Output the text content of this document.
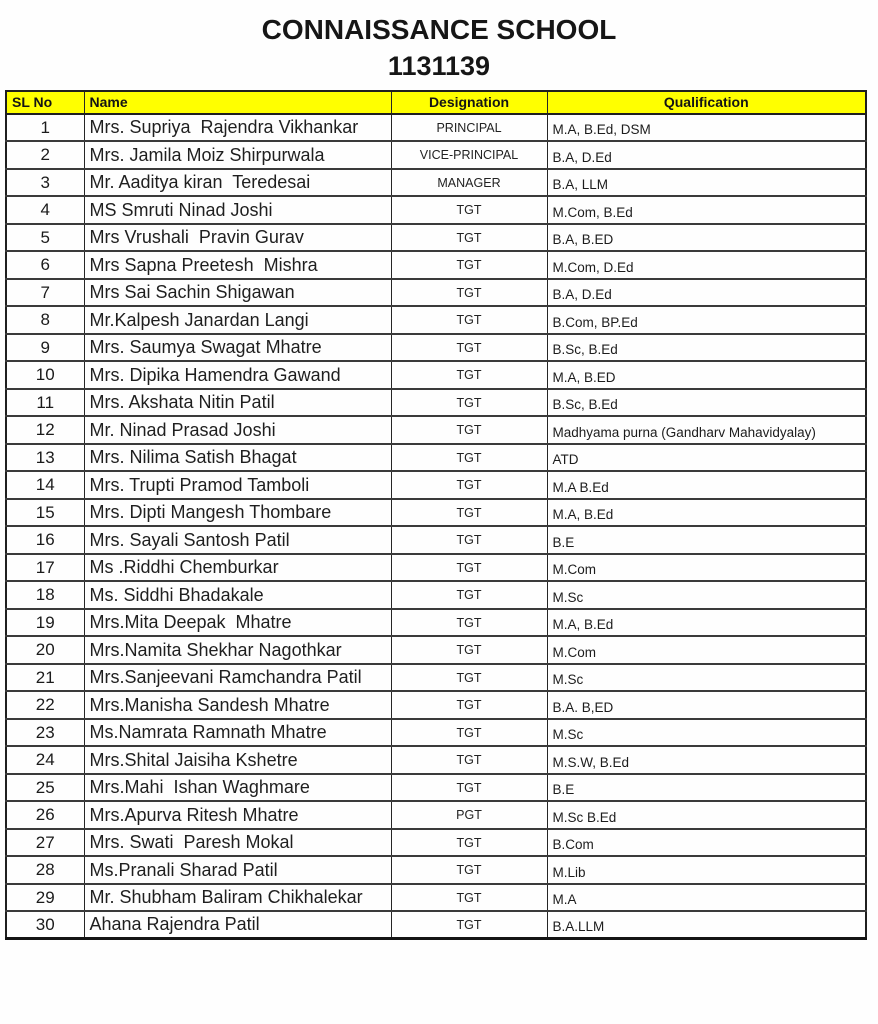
CONNAISSANCE SCHOOL
1131139
SL No	Name	Designation	Qualification
1	Mrs. Supriya  Rajendra Vikhankar	PRINCIPAL	M.A, B.Ed, DSM
2	Mrs. Jamila Moiz Shirpurwala	VICE-PRINCIPAL	B.A, D.Ed
3	Mr. Aaditya kiran  Teredesai	MANAGER	B.A, LLM
4	MS Smruti Ninad Joshi	TGT	M.Com, B.Ed
5	Mrs Vrushali  Pravin Gurav	TGT	B.A, B.ED
6	Mrs Sapna Preetesh  Mishra	TGT	M.Com, D.Ed
7	Mrs Sai Sachin Shigawan	TGT	B.A, D.Ed
8	Mr.Kalpesh Janardan Langi	TGT	B.Com, BP.Ed
9	Mrs. Saumya Swagat Mhatre	TGT	B.Sc, B.Ed
10	Mrs. Dipika Hamendra Gawand	TGT	M.A, B.ED
11	Mrs. Akshata Nitin Patil	TGT	B.Sc, B.Ed
12	Mr. Ninad Prasad Joshi	TGT	Madhyama purna (Gandharv Mahavidyalay)
13	Mrs. Nilima Satish Bhagat	TGT	ATD
14	Mrs. Trupti Pramod Tamboli	TGT	M.A B.Ed
15	Mrs. Dipti Mangesh Thombare	TGT	M.A, B.Ed
16	Mrs. Sayali Santosh Patil	TGT	B.E
17	Ms .Riddhi Chemburkar	TGT	M.Com
18	Ms. Siddhi Bhadakale	TGT	M.Sc
19	Mrs.Mita Deepak  Mhatre	TGT	M.A, B.Ed
20	Mrs.Namita Shekhar Nagothkar	TGT	M.Com
21	Mrs.Sanjeevani Ramchandra Patil	TGT	M.Sc
22	Mrs.Manisha Sandesh Mhatre	TGT	B.A. B,ED
23	Ms.Namrata Ramnath Mhatre	TGT	M.Sc
24	Mrs.Shital Jaisiha Kshetre	TGT	M.S.W, B.Ed
25	Mrs.Mahi  Ishan Waghmare	TGT	B.E
26	Mrs.Apurva Ritesh Mhatre	PGT	M.Sc B.Ed
27	Mrs. Swati  Paresh Mokal	TGT	B.Com
28	Ms.Pranali Sharad Patil	TGT	M.Lib
29	Mr. Shubham Baliram Chikhalekar	TGT	M.A
30	Ahana Rajendra Patil	TGT	B.A.LLM
